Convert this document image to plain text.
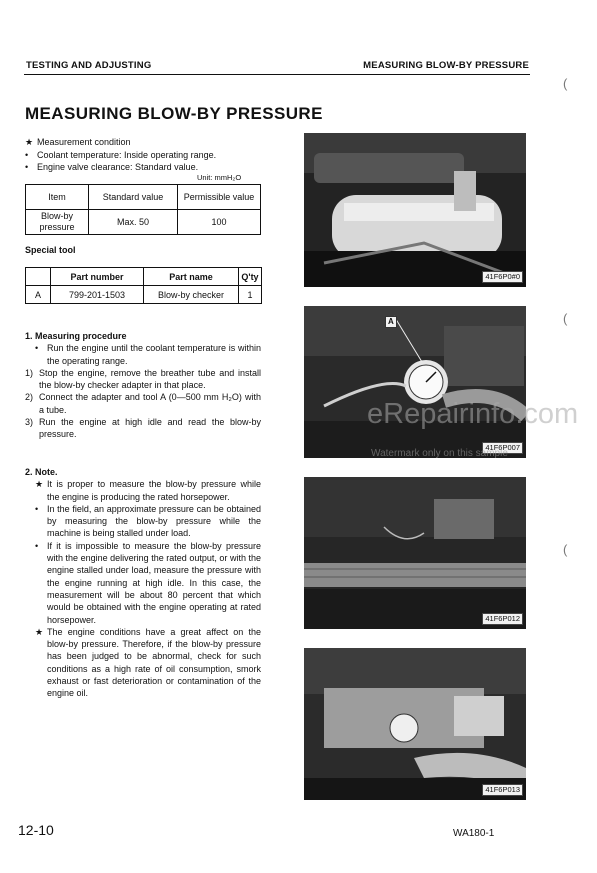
TESTING AND ADJUSTING	MEASURING BLOW-BY PRESSURE
MEASURING BLOW-BY PRESSURE
★ Measurement condition
• Coolant temperature: Inside operating range.
• Engine valve clearance: Standard value.
Unit: mmH₂O
Item	Standard value	Permissible value
Blow-by pressure	Max. 50	100
Special tool
	Part number	Part name	Q'ty
A	799-201-1503	Blow-by checker	1
1. Measuring procedure
• Run the engine until the coolant temperature is within the operating range.
1) Stop the engine, remove the breather tube and install the blow-by checker adapter in that place.
2) Connect the adapter and tool A (0—500 mm H₂O) with a tube.
3) Run the engine at high idle and read the blow-by pressure.
2. Note.
★ It is proper to measure the blow-by pressure while the engine is producing the rated horsepower.
• In the field, an approximate pressure can be obtained by measuring the blow-by pressure while the machine is being stalled under load.
• If it is impossible to measure the blow-by pressure with the engine delivering the rated output, or with the engine stalled under load, measure the pressure with the engine running at high idle. In this case, the measurement will be about 80 percent that which would be obtained with the engine operating at rated horsepower.
★ The engine conditions have a great affect on the blow-by pressure. Therefore, if the blow-by pressure has been judged to be abnormal, check for such conditions as a high rate of oil consumption, smork exhaust or fast deterioration or contamination of the engine oil.
41F6P0#0
A
41F6P007
41F6P012
41F6P013
eRepairinfo.com
Watermark only on this sample
(
(
(
12-10	WA180-1
